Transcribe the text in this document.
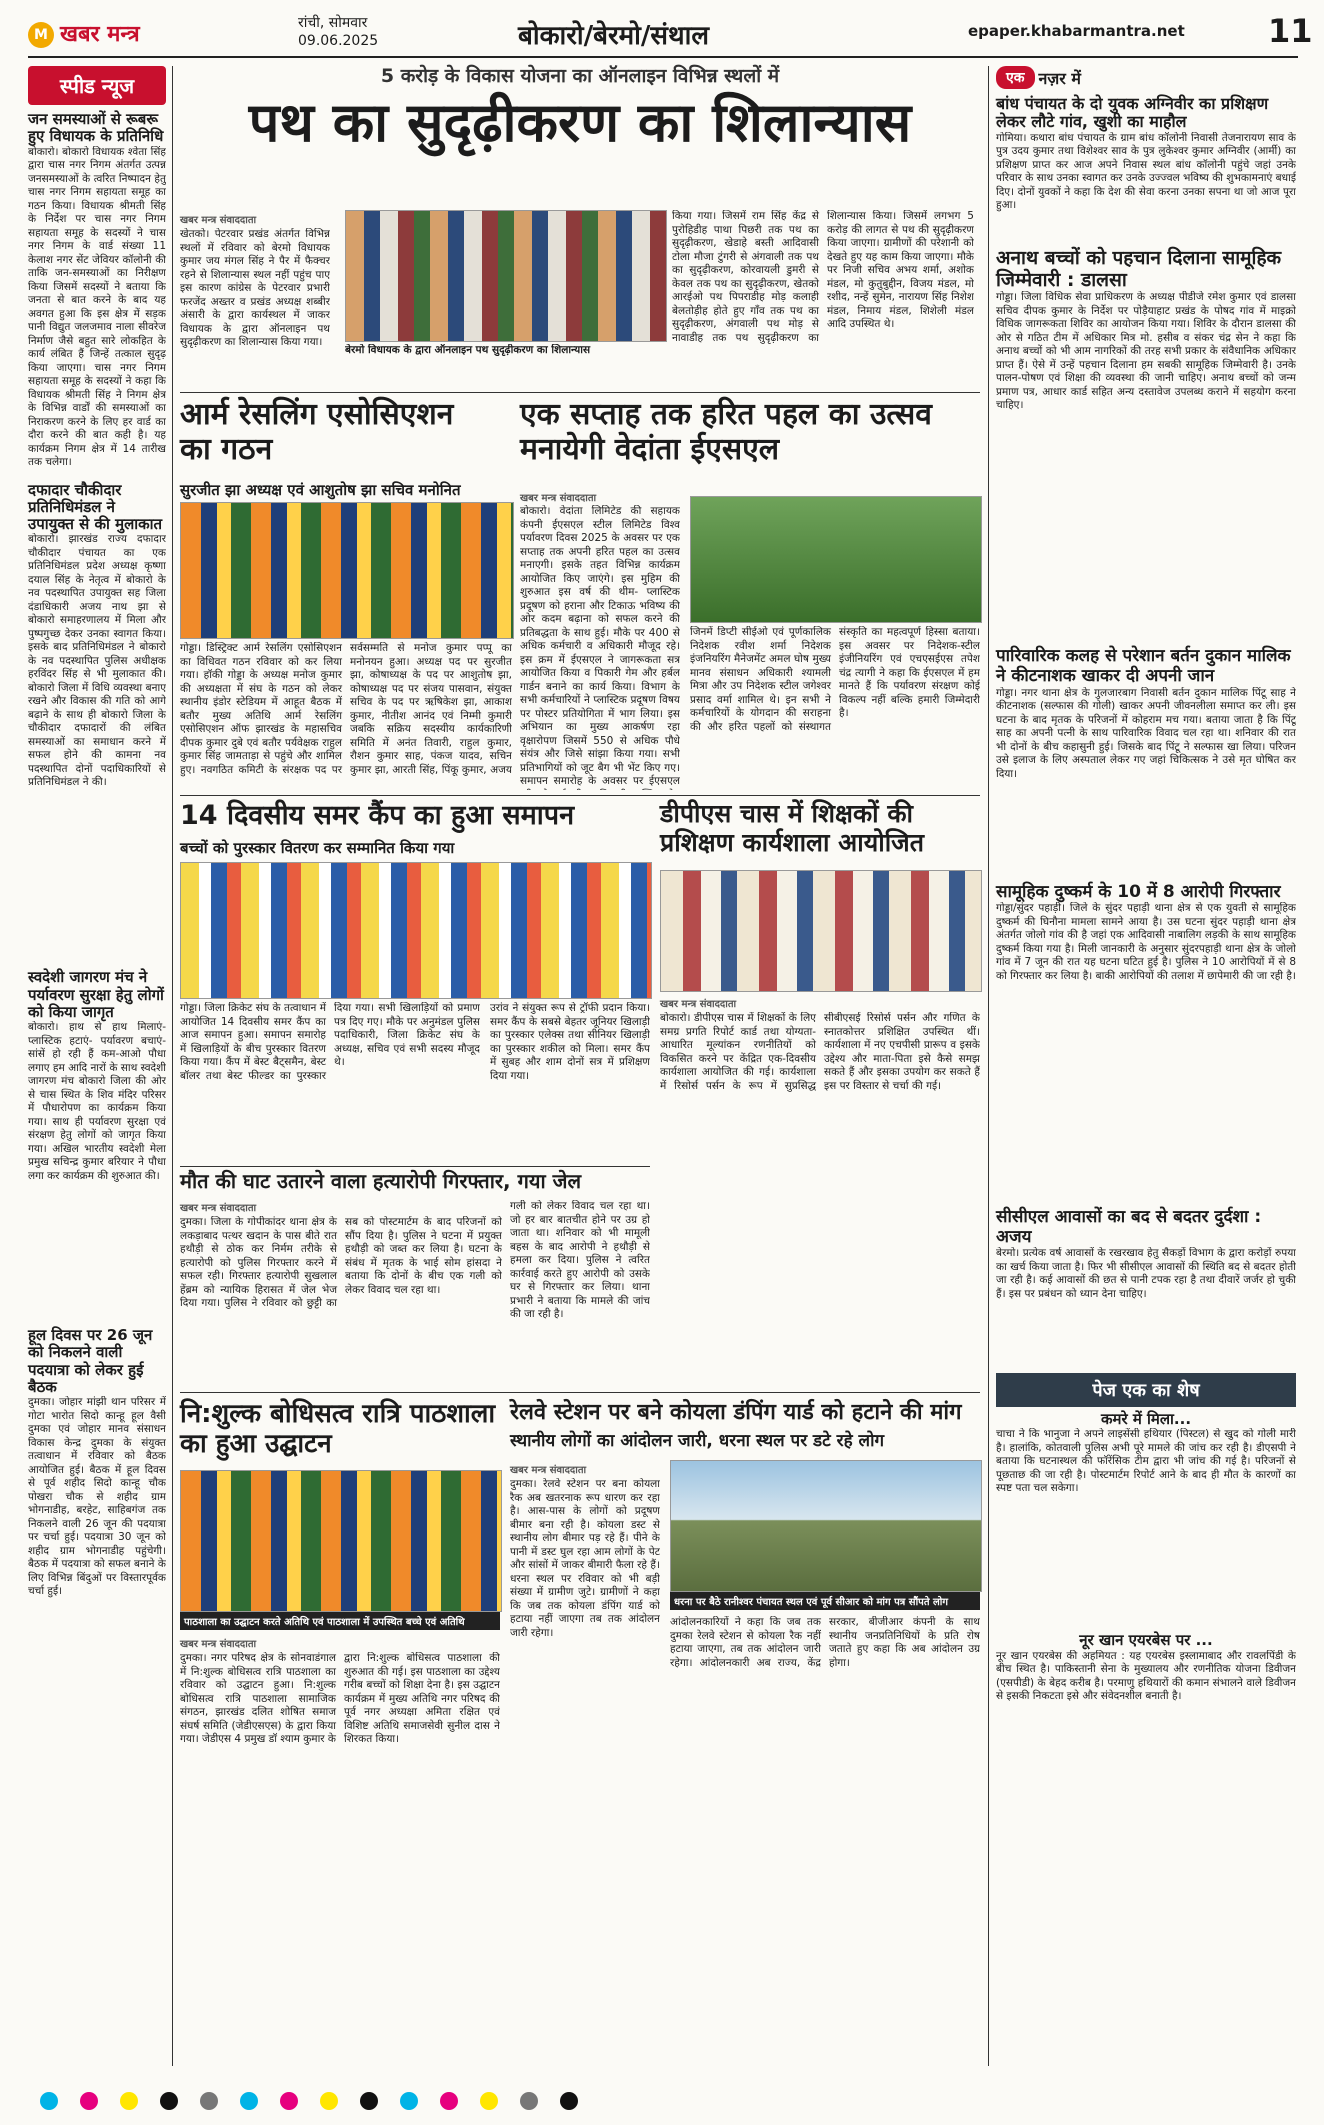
M खबर मन्त्र	रांची, सोमवार
09.06.2025	बोकारो/बेरमो/संथाल	epaper.khabarmantra.net	11
स्पीड न्यूज
जन समस्याओं से रूबरू हुए विधायक के प्रतिनिधि
बोकारो। बोकारो विधायक श्वेता सिंह द्वारा चास नगर निगम अंतर्गत उत्पन्न जनसमस्याओं के त्वरित निष्पादन हेतु चास नगर निगम सहायता समूह का गठन किया। विधायक श्रीमती सिंह के निर्देश पर चास नगर निगम सहायता समूह के सदस्यों ने चास नगर निगम के वार्ड संख्या 11 केलाश नगर सेंट जेवियर कॉलोनी की ताकि जन-समस्याओं का निरीक्षण किया जिसमें सदस्यों ने बताया कि जनता से बात करने के बाद यह अवगत हुआ कि इस क्षेत्र में सड़क पानी विद्युत जलजमाव नाला सीवरेज निर्माण जैसे बहुत सारे लोकहित के कार्य लंबित हैं जिन्हें तत्काल सुदृढ़ किया जाएगा। चास नगर निगम सहायता समूह के सदस्यों ने कहा कि विधायक श्रीमती सिंह ने निगम क्षेत्र के विभिन्न वार्डों की समस्याओं का निराकरण करने के लिए हर वार्ड का दौरा करने की बात कही है। यह कार्यक्रम निगम क्षेत्र में 14 तारीख तक चलेगा।
दफादार चौकीदार प्रतिनिधिमंडल ने उपायुक्त से की मुलाकात
बोकारो। झारखंड राज्य दफादार चौकीदार पंचायत का एक प्रतिनिधिमंडल प्रदेश अध्यक्ष कृष्णा दयाल सिंह के नेतृत्व में बोकारो के नव पदस्थापित उपायुक्त सह जिला दंडाधिकारी अजय नाथ झा से बोकारो समाहरणालय में मिला और पुष्पगुच्छ देकर उनका स्वागत किया। इसके बाद प्रतिनिधिमंडल ने बोकारो के नव पदस्थापित पुलिस अधीक्षक हरविंदर सिंह से भी मुलाकात की। बोकारो जिला में विधि व्यवस्था बनाए रखने और विकास की गति को आगे बढ़ाने के साथ ही बोकारो जिला के चौकीदार दफादारों की लंबित समस्याओं का समाधान करने में सफल होने की कामना नव पदस्थापित दोनों पदाधिकारियों से प्रतिनिधिमंडल ने की।
स्वदेशी जागरण मंच ने पर्यावरण सुरक्षा हेतु लोगों को किया जागृत
बोकारो। हाथ से हाथ मिलाएं-प्लास्टिक हटाएं- पर्यावरण बचाएं-सांसें हो रही हैं कम-आओ पौधा लगाए हम आदि नारों के साथ स्वदेशी जागरण मंच बोकारो जिला की ओर से चास स्थित के शिव मंदिर परिसर में पौधारोपण का कार्यक्रम किया गया। साथ ही पर्यावरण सुरक्षा एवं संरक्षण हेतु लोगों को जागृत किया गया। अखिल भारतीय स्वदेशी मेला प्रमुख सचिन्द्र कुमार बरियार ने पौधा लगा कर कार्यक्रम की शुरुआत की।
हूल दिवस पर 26 जून को निकलने वाली पदयात्रा को लेकर हुई बैठक
दुमका। जोहार मांझी थान परिसर में गोटा भारोत सिदो कान्हू हूल वैसी दुमका एवं जोहार मानव संसाधन विकास केन्द्र दुमका के संयुक्त तत्वाधान में रविवार को बैठक आयोजित हुई। बैठक में हूल दिवस से पूर्व शहीद सिदो कान्हू चौक पोखरा चौक से शहीद ग्राम भोगनाडीह, बरहेट, साहिबगंज तक निकलने वाली 26 जून की पदयात्रा पर चर्चा हुई। पदयात्रा 30 जून को शहीद ग्राम भोगनाडीह पहुंचेगी। बैठक में पदयात्रा को सफल बनाने के लिए विभिन्न बिंदुओं पर विस्तारपूर्वक चर्चा हुई।
5 करोड़ के विकास योजना का ऑनलाइन विभिन्न स्थलों में
पथ का सुदृढ़ीकरण का शिलान्यास
खबर मन्त्र संवाददाता
खेतको। पेटरवार प्रखंड अंतर्गत विभिन्न स्थलों में रविवार को बेरमो विधायक कुमार जय मंगल सिंह ने पैर में फैक्चर रहने से शिलान्यास स्थल नहीं पहुंच पाए इस कारण कांग्रेस के पेटरवार प्रभारी फरजेंद अख्तर व प्रखंड अध्यक्ष शब्बीर अंसारी के द्वारा कार्यस्थल में जाकर विधायक के द्वारा ऑनलाइन पथ सुदृढ़ीकरण का शिलान्यास किया गया।
बेरमो विधायक के द्वारा ऑनलाइन पथ सुदृढ़ीकरण का शिलान्यास
किया गया। जिसमें राम सिंह केंद्र से पुरोहिडीह पाथा पिछरी तक पथ का सुदृढ़ीकरण, खेडाहे बस्ती आदिवासी टोला मौजा टुंगरी से अंगवाली तक पथ का सुदृढ़ीकरण, कोरवायली डुमरी से केवल तक पथ का सुदृढ़ीकरण, खेतको आरईओ पथ पिपराडीह मोड़ कलाही बेलतोड़ीह होते हुए गाँव तक पथ का सुदृढ़ीकरण, अंगवाली पथ मोड़ से नावाडीह तक पथ सुदृढ़ीकरण का शिलान्यास किया। जिसमें लगभग 5 करोड़ की लागत से पथ की सुदृढ़ीकरण किया जाएगा। ग्रामीणों की परेशानी को देखते हुए यह काम किया जाएगा। मौके पर निजी सचिव अभय शर्मा, अशोक मंडल, मो कुतुबुद्दीन, विजय मंडल, मो रशीद, नन्हें सुमेन, नारायण सिंह निशेश मंडल, निमाय मंडल, शिशेली मंडल आदि उपस्थित थे।
आर्म रेसलिंग एसोसिएशन का गठन
सुरजीत झा अध्यक्ष एवं आशुतोष झा सचिव मनोनित
गोड्डा। डिस्ट्रिक्ट आर्म रेसलिंग एसोसिएशन का विधिवत गठन रविवार को कर लिया गया। हॉकी गोड्डा के अध्यक्ष मनोज कुमार की अध्यक्षता में संघ के गठन को लेकर स्थानीय इंडोर स्टेडियम में आहूत बैठक में बतौर मुख्य अतिथि आर्म रेसलिंग एसोसिएशन ऑफ झारखंड के महासचिव दीपक कुमार दुबे एवं बतौर पर्यवेक्षक राहुल कुमार सिंह जामताड़ा से पहुंचे और शामिल हुए। नवगठित कमिटी के संरक्षक पद पर सर्वसम्मति से मनोज कुमार पप्पू का मनोनयन हुआ। अध्यक्ष पद पर सुरजीत झा, कोषाध्यक्ष के पद पर आशुतोष झा, कोषाध्यक्ष पद पर संजय पासवान, संयुक्त सचिव के पद पर ऋषिकेश झा, आकाश कुमार, नीतीश आनंद एवं निम्मी कुमारी जबकि सक्रिय सदस्यीय कार्यकारिणी समिति में अनंत तिवारी, राहुल कुमार, रौशन कुमार साह, पंकज यादव, सचिन कुमार झा, आरती सिंह, पिंकू कुमार, अजय
एक सप्ताह तक हरित पहल का उत्सव मनायेगी वेदांता ईएसएल
खबर मन्त्र संवाददाता
बोकारो। वेदांता लिमिटेड की सहायक कंपनी ईएसएल स्टील लिमिटेड विश्व पर्यावरण दिवस 2025 के अवसर पर एक सप्ताह तक अपनी हरित पहल का उत्सव मनाएगी। इसके तहत विभिन्न कार्यक्रम आयोजित किए जाएंगे। इस मुहिम की शुरुआत इस वर्ष की थीम- प्लास्टिक प्रदूषण को हराना और टिकाऊ भविष्य की ओर कदम बढ़ाना को सफल करने की प्रतिबद्धता के साथ हुई। मौके पर 400 से अधिक कर्मचारी व अधिकारी मौजूद रहे। इस क्रम में ईएसएल ने जागरूकता सत्र आयोजित किया व पिकारी गेम और हर्बल गार्डन बनाने का कार्य किया। विभाग के सभी कर्मचारियों ने प्लास्टिक प्रदूषण विषय पर पोस्टर प्रतियोगिता में भाग लिया। इस अभियान का मुख्य आकर्षण रहा वृक्षारोपण जिसमें 550 से अधिक पौधे संयंत्र और जिसे सांझा किया गया। सभी प्रतिभागियों को जूट बैग भी भेंट किए गए। समापन समारोह के अवसर पर ईएसएल
जिनमें डिप्टी सीईओ एवं पूर्णकालिक निदेशक रवीश शर्मा निदेशक इंजनियरिंग मैनेजमेंट अमल घोष मुख्य मानव संसाधन अधिकारी श्यामली मित्रा और उप निदेशक स्टील जगेश्वर प्रसाद वर्मा शामिल थे। इन सभी ने कर्मचारियों के योगदान की सराहना की और हरित पहलों को संस्थागत संस्कृति का महत्वपूर्ण हिस्सा बताया। इस अवसर पर निदेशक-स्टील इंजीनियरिंग एवं एचएसईएस तपेश चंद्र त्यागी ने कहा कि ईएसएल में हम मानते हैं कि पर्यावरण संरक्षण कोई विकल्प नहीं बल्कि हमारी जिम्मेदारी है।
14 दिवसीय समर कैंप का हुआ समापन
बच्चों को पुरस्कार वितरण कर सम्मानित किया गया
गोड्डा। जिला क्रिकेट संघ के तत्वाधान में आयोजित 14 दिवसीय समर कैंप का आज समापन हुआ। समापन समारोह में खिलाड़ियों के बीच पुरस्कार वितरण किया गया। कैंप में बेस्ट बैट्समैन, बेस्ट बॉलर तथा बेस्ट फील्डर का पुरस्कार दिया गया। सभी खिलाड़ियों को प्रमाण पत्र दिए गए। मौके पर अनुमंडल पुलिस पदाधिकारी, जिला क्रिकेट संघ के अध्यक्ष, सचिव एवं सभी सदस्य मौजूद थे।
उरांव ने संयुक्त रूप से ट्रॉफी प्रदान किया। समर कैंप के सबसे बेहतर जूनियर खिलाड़ी का पुरस्कार एलेक्स तथा सीनियर खिलाड़ी का पुरस्कार शकील को मिला। समर कैंप में सुबह और शाम दोनों सत्र में प्रशिक्षण दिया गया।
डीपीएस चास में शिक्षकों की प्रशिक्षण कार्यशाला आयोजित
खबर मन्त्र संवाददाता
बोकारो। डीपीएस चास में शिक्षकों के लिए समग्र प्रगति रिपोर्ट कार्ड तथा योग्यता-आधारित मूल्यांकन रणनीतियों को विकसित करने पर केंद्रित एक-दिवसीय कार्यशाला आयोजित की गई। कार्यशाला में रिसोर्स पर्सन के रूप में सुप्रसिद्ध सीबीएसई रिसोर्स पर्सन और गणित के स्नातकोत्तर प्रशिक्षित उपस्थित थीं। कार्यशाला में नए एचपीसी प्रारूप व इसके उद्देश्य और माता-पिता इसे कैसे समझ सकते हैं और इसका उपयोग कर सकते हैं इस पर विस्तार से चर्चा की गई।
मौत की घाट उतारने वाला हत्यारोपी गिरफ्तार, गया जेल
खबर मन्त्र संवाददाता
दुमका। जिला के गोपीकांदर थाना क्षेत्र के लकड़ाबाद पत्थर खदान के पास बीते रात हथौड़ी से ठोक कर निर्मम तरीके से हत्यारोपी को पुलिस गिरफ्तार करने में सफल रही। गिरफ्तार हत्यारोपी सुखलाल हेंब्रम को न्यायिक हिरासत में जेल भेज दिया गया। पुलिस ने रविवार को छुट्टी का सब को पोस्टमार्टम के बाद परिजनों को सौंप दिया है। पुलिस ने घटना में प्रयुक्त हथौड़ी को जब्त कर लिया है। घटना के संबंध में मृतक के भाई सोम हांसदा ने बताया कि दोनों के बीच एक गली को लेकर विवाद चल रहा था।
गली को लेकर विवाद चल रहा था। जो हर बार बातचीत होने पर उग्र हो जाता था। शनिवार को भी मामूली बहस के बाद आरोपी ने हथौड़ी से हमला कर दिया। पुलिस ने त्वरित कार्रवाई करते हुए आरोपी को उसके घर से गिरफ्तार कर लिया। थाना प्रभारी ने बताया कि मामले की जांच की जा रही है।
नि:शुल्क बोधिसत्व रात्रि पाठशाला का हुआ उद्घाटन
पाठशाला का उद्घाटन करते अतिथि एवं पाठशाला में उपस्थित बच्चे एवं अतिथि
खबर मन्त्र संवाददाता
दुमका। नगर परिषद क्षेत्र के सोनवाडंगाल में नि:शुल्क बोधिसत्व रात्रि पाठशाला का रविवार को उद्घाटन हुआ। नि:शुल्क बोधिसत्व रात्रि पाठशाला सामाजिक संगठन, झारखंड दलित शोषित समाज संघर्ष समिति (जेडीएसएस) के द्वारा किया गया। जेडीएस 4 प्रमुख डॉ श्याम कुमार के द्वारा नि:शुल्क बोधिसत्व पाठशाला की शुरुआत की गई। इस पाठशाला का उद्देश्य गरीब बच्चों को शिक्षा देना है। इस उद्घाटन कार्यक्रम में मुख्य अतिथि नगर परिषद की पूर्व नगर अध्यक्षा अमिता रक्षित एवं विशिष्ट अतिथि समाजसेवी सुनील दास ने शिरकत किया।
रेलवे स्टेशन पर बने कोयला डंपिंग यार्ड को हटाने की मांग
स्थानीय लोगों का आंदोलन जारी, धरना स्थल पर डटे रहे लोग
खबर मन्त्र संवाददाता
दुमका। रेलवे स्टेशन पर बना कोयला रैक अब खतरनाक रूप धारण कर रहा है। आस-पास के लोगों को प्रदूषण बीमार बना रही है। कोयला डस्ट से स्थानीय लोग बीमार पड़ रहे हैं। पीने के पानी में डस्ट घुल रहा आम लोगों के पेट और सांसों में जाकर बीमारी फैला रहे हैं। धरना स्थल पर रविवार को भी बड़ी संख्या में ग्रामीण जुटे। ग्रामीणों ने कहा कि जब तक कोयला डंपिंग यार्ड को हटाया नहीं जाएगा तब तक आंदोलन जारी रहेगा।
धरना पर बैठे रानीश्वर पंचायत स्थल एवं पूर्व सीआर को मांग पत्र सौंपते लोग
आंदोलनकारियों ने कहा कि जब तक दुमका रेलवे स्टेशन से कोयला रैक नहीं हटाया जाएगा, तब तक आंदोलन जारी रहेगा। आंदोलनकारी अब राज्य, केंद्र सरकार, बीजीआर कंपनी के साथ स्थानीय जनप्रतिनिधियों के प्रति रोष जताते हुए कहा कि अब आंदोलन उग्र होगा।
एक नज़र में
बांध पंचायत के दो युवक अग्निवीर का प्रशिक्षण लेकर लौटे गांव, खुशी का माहौल
गोमिया। कथारा बांध पंचायत के ग्राम बांध कॉलोनी निवासी तेजनारायण साव के पुत्र उदय कुमार तथा विशेश्वर साव के पुत्र लुकेश्वर कुमार अग्निवीर (आर्मी) का प्रशिक्षण प्राप्त कर आज अपने निवास स्थल बांध कॉलोनी पहुंचे जहां उनके परिवार के साथ उनका स्वागत कर उनके उज्ज्वल भविष्य की शुभकामनाएं बधाई दिए। दोनों युवकों ने कहा कि देश की सेवा करना उनका सपना था जो आज पूरा हुआ।
अनाथ बच्चों को पहचान दिलाना सामूहिक जिम्मेवारी : डालसा
गोड्डा। जिला विधिक सेवा प्राधिकरण के अध्यक्ष पीडीजे रमेश कुमार एवं डालसा सचिव दीपक कुमार के निर्देश पर पोड़ैयाहाट प्रखंड के पोषद गांव में माइक्रो विधिक जागरूकता शिविर का आयोजन किया गया। शिविर के दौरान डालसा की ओर से गठित टीम में अधिकार मित्र मो. हसीब व संकर चंद्र सेन ने कहा कि अनाथ बच्चों को भी आम नागरिकों की तरह सभी प्रकार के संवैधानिक अधिकार प्राप्त हैं। ऐसे में उन्हें पहचान दिलाना हम सबकी सामूहिक जिम्मेवारी है। उनके पालन-पोषण एवं शिक्षा की व्यवस्था की जानी चाहिए। अनाथ बच्चों को जन्म प्रमाण पत्र, आधार कार्ड सहित अन्य दस्तावेज उपलब्ध कराने में सहयोग करना चाहिए।
पारिवारिक कलह से परेशान बर्तन दुकान मालिक ने कीटनाशक खाकर दी अपनी जान
गोड्डा। नगर थाना क्षेत्र के गुलजारबाग निवासी बर्तन दुकान मालिक पिंटू साह ने कीटनाशक (सल्फास की गोली) खाकर अपनी जीवनलीला समाप्त कर ली। इस घटना के बाद मृतक के परिजनों में कोहराम मच गया। बताया जाता है कि पिंटू साह का अपनी पत्नी के साथ पारिवारिक विवाद चल रहा था। शनिवार की रात भी दोनों के बीच कहासुनी हुई। जिसके बाद पिंटू ने सल्फास खा लिया। परिजन उसे इलाज के लिए अस्पताल लेकर गए जहां चिकित्सक ने उसे मृत घोषित कर दिया।
सामूहिक दुष्कर्म के 10 में 8 आरोपी गिरफ्तार
गोड्डा/सुंदर पहाड़ी। जिले के सुंदर पहाड़ी थाना क्षेत्र से एक युवती से सामूहिक दुष्कर्म की घिनौना मामला सामने आया है। उस घटना सुंदर पहाड़ी थाना क्षेत्र अंतर्गत जोलो गांव की है जहां एक आदिवासी नाबालिग लड़की के साथ सामूहिक दुष्कर्म किया गया है। मिली जानकारी के अनुसार सुंदरपहाड़ी थाना क्षेत्र के जोलो गांव में 7 जून की रात यह घटना घटित हुई है। पुलिस ने 10 आरोपियों में से 8 को गिरफ्तार कर लिया है। बाकी आरोपियों की तलाश में छापेमारी की जा रही है।
सीसीएल आवासों का बद से बदतर दुर्दशा : अजय
बेरमो। प्रत्येक वर्ष आवासों के रखरखाव हेतु सैकड़ों विभाग के द्वारा करोड़ों रुपया का खर्च किया जाता है। फिर भी सीसीएल आवासों की स्थिति बद से बदतर होती जा रही है। कई आवासों की छत से पानी टपक रहा है तथा दीवारें जर्जर हो चुकी हैं। इस पर प्रबंधन को ध्यान देना चाहिए।
पेज एक का शेष
कमरे में मिला...
चाचा ने कि भानुजा ने अपने लाइसेंसी हथियार (पिस्टल) से खुद को गोली मारी है। हालांकि, कोतवाली पुलिस अभी पूरे मामले की जांच कर रही है। डीएसपी ने बताया कि घटनास्थल की फॉरेंसिक टीम द्वारा भी जांच की गई है। परिजनों से पूछताछ की जा रही है। पोस्टमार्टम रिपोर्ट आने के बाद ही मौत के कारणों का स्पष्ट पता चल सकेगा।
नूर खान एयरबेस पर ...
नूर खान एयरबेस की अहमियत : यह एयरबेस इस्लामाबाद और रावलपिंडी के बीच स्थित है। पाकिस्तानी सेना के मुख्यालय और रणनीतिक योजना डिवीजन (एसपीडी) के बेहद करीब है। परमाणु हथियारों की कमान संभालने वाले डिवीजन से इसकी निकटता इसे और संवेदनशील बनाती है।
